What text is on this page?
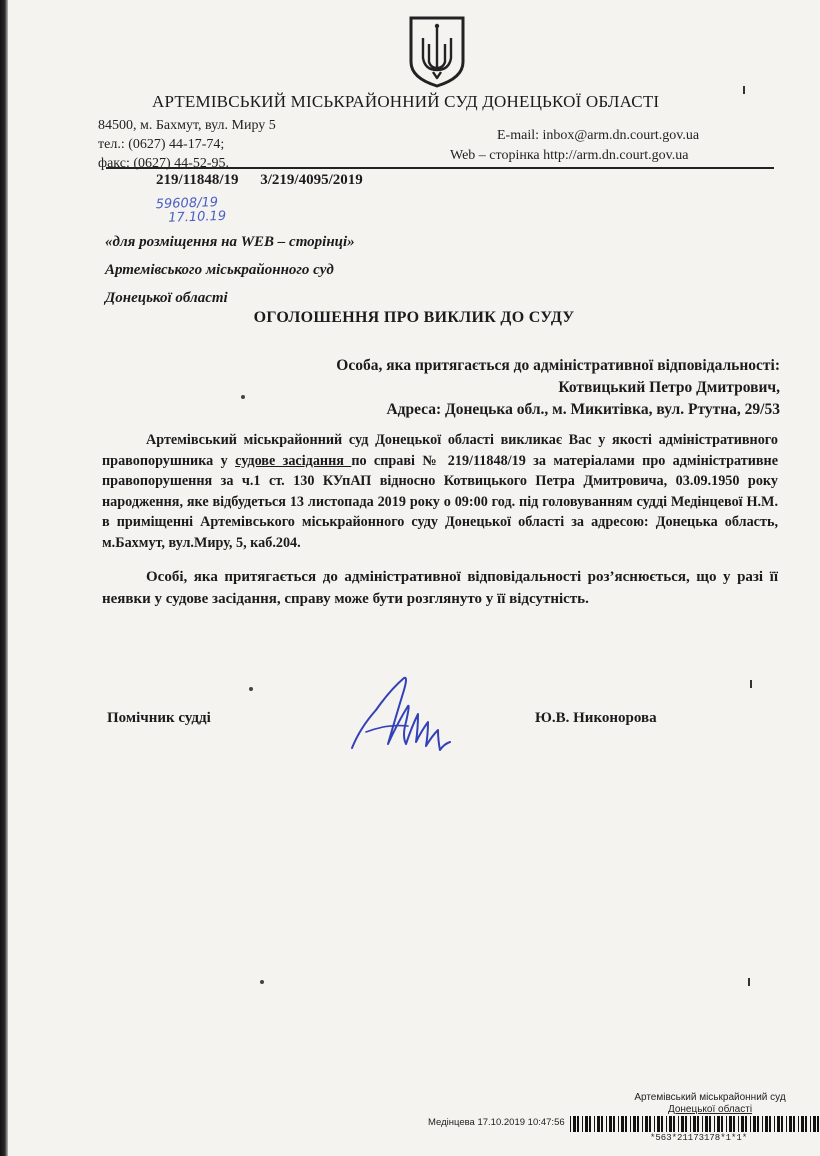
АРТЕМІВСЬКИЙ МІСЬКРАЙОННИЙ СУД ДОНЕЦЬКОЇ ОБЛАСТІ
84500, м. Бахмут, вул. Миру 5
тел.: (0627) 44-17-74;
факс: (0627) 44-52-95.
E-mail: inbox@arm.dn.court.gov.ua
Web – сторінка http://arm.dn.court.gov.ua
219/11848/19 3/219/4095/2019
59608/19
17.10.19
«для розміщення на WEB – сторінці»
Артемівського міськрайонного суд
Донецької області
ОГОЛОШЕННЯ ПРО ВИКЛИК ДО СУДУ
Особа, яка притягається до адміністративної відповідальності:
Котвицький Петро Дмитрович,
Адреса: Донецька обл., м. Микитівка, вул. Ртутна, 29/53
Артемівський міськрайонний суд Донецької області викликає Вас у якості адміністративного правопорушника у судове засідання по справі № 219/11848/19 за матеріалами про адміністративне правопорушення за ч.1 ст. 130 КУпАП відносно Котвицького Петра Дмитровича, 03.09.1950 року народження, яке відбудеться 13 листопада 2019 року о 09:00 год. під головуванням судді Медінцевої Н.М. в приміщенні Артемівського міськрайонного суду Донецької області за адресою: Донецька область, м.Бахмут, вул.Миру, 5, каб.204.
Особі, яка притягається до адміністративної відповідальності роз’яснюється, що у разі її неявки у судове засідання, справу може бути розглянуто у її відсутність.
Помічник судді	Ю.В. Никонорова
Артемівський міськрайонний суд
Донецької області
Медінцева 17.10.2019 10:47:56
*563*21173178*1*1*
